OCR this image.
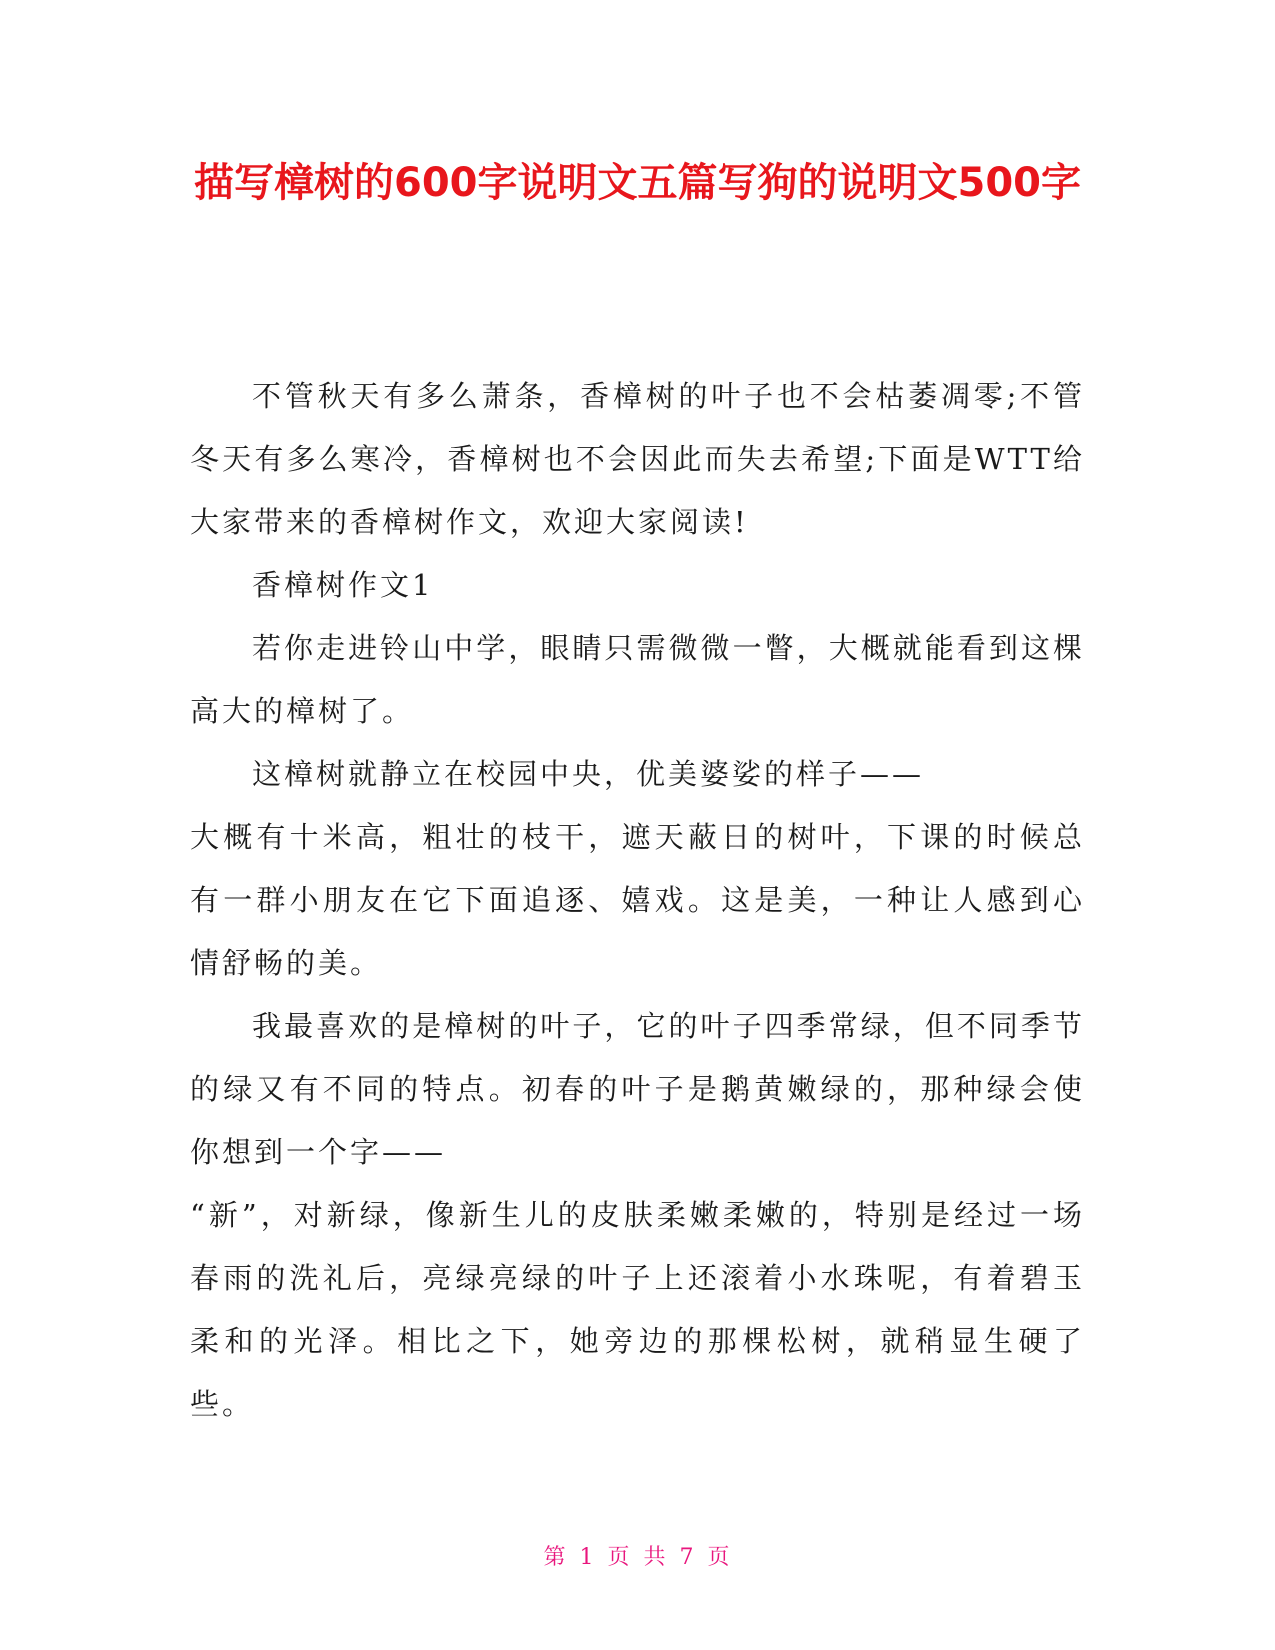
描写樟树的600字说明文五篇写狗的说明文500字

不管秋天有多么萧条，香樟树的叶子也不会枯萎凋零;不管冬天有多么寒冷，香樟树也不会因此而失去希望;下面是WTT给大家带来的香樟树作文，欢迎大家阅读!

香樟树作文1

若你走进铃山中学，眼睛只需微微一瞥，大概就能看到这棵高大的樟树了。

这樟树就静立在校园中央，优美婆娑的样子——

大概有十米高，粗壮的枝干，遮天蔽日的树叶，下课的时候总有一群小朋友在它下面追逐、嬉戏。这是美，一种让人感到心情舒畅的美。

我最喜欢的是樟树的叶子，它的叶子四季常绿，但不同季节的绿又有不同的特点。初春的叶子是鹅黄嫩绿的，那种绿会使你想到一个字——

“新”，对新绿，像新生儿的皮肤柔嫩柔嫩的，特别是经过一场春雨的洗礼后，亮绿亮绿的叶子上还滚着小水珠呢，有着碧玉柔和的光泽。相比之下，她旁边的那棵松树，就稍显生硬了些。

第 1 页 共 7 页
